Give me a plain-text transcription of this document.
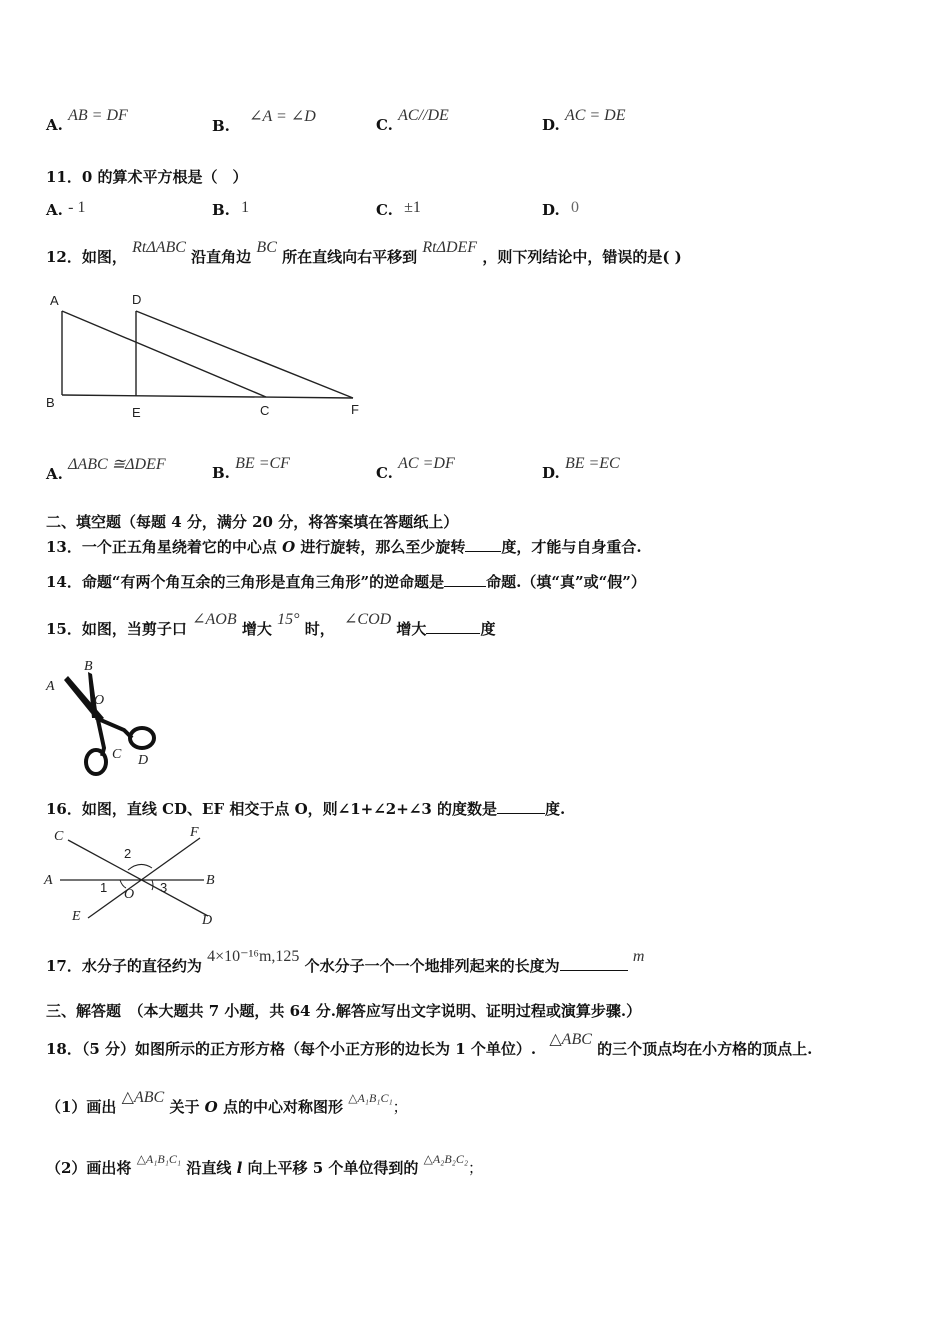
A. AB = DF
B. ∠A = ∠D	C. AC//DE
D. AC = DE
11．0 的算术平方根是（　）
A. - 1	B. 1	C. ±1	D. 0
12．如图， RtΔABC 沿直角边 BC 所在直线向右平移到 RtΔDEF ，则下列结论中，错误的是( )
A
B
D
E	C	F
A. ΔABC ≅ΔDEF	B. BE =CF
C. AC =DF
D. BE =EC
二、填空题（每题 4 分，满分 20 分，将答案填在答题纸上）
13．一个正五角星绕着它的中心点 O 进行旋转，那么至少旋转 度，才能与自身重合.
14．命题“有两个角互余的三角形是直角三角形”的逆命题是	命题.（填“真”或“假”）
15．如图，当剪子口 ∠AOB 增大 15° 时， ∠COD 增大	度
A
B
O
C D
16．如图，直线 CD、EF 相交于点 O，则∠1+∠2+∠3 的度数是	度.
C	F
A	B
E	D
O
1
2
3
17．水分子的直径约为 4×10⁻¹⁶m,125 个水分子一个一个地排列起来的长度为 m
三、解答题　（本大题共 7 小题，共 64 分.解答应写出文字说明、证明过程或演算步骤.）
18．（5 分）如图所示的正方形方格（每个小正方形的边长为 1 个单位）. △ABC 的三个顶点均在小方格的顶点上.
（1）画出 △ABC 关于 O 点的中心对称图形 $^{\triangle A_1B_1C_1}$；
（2）画出将 $^{\triangle A_1B_1C_1}$ 沿直线 l 向上平移 5 个单位得到的 $^{\triangle A_2B_2C_2}$；
